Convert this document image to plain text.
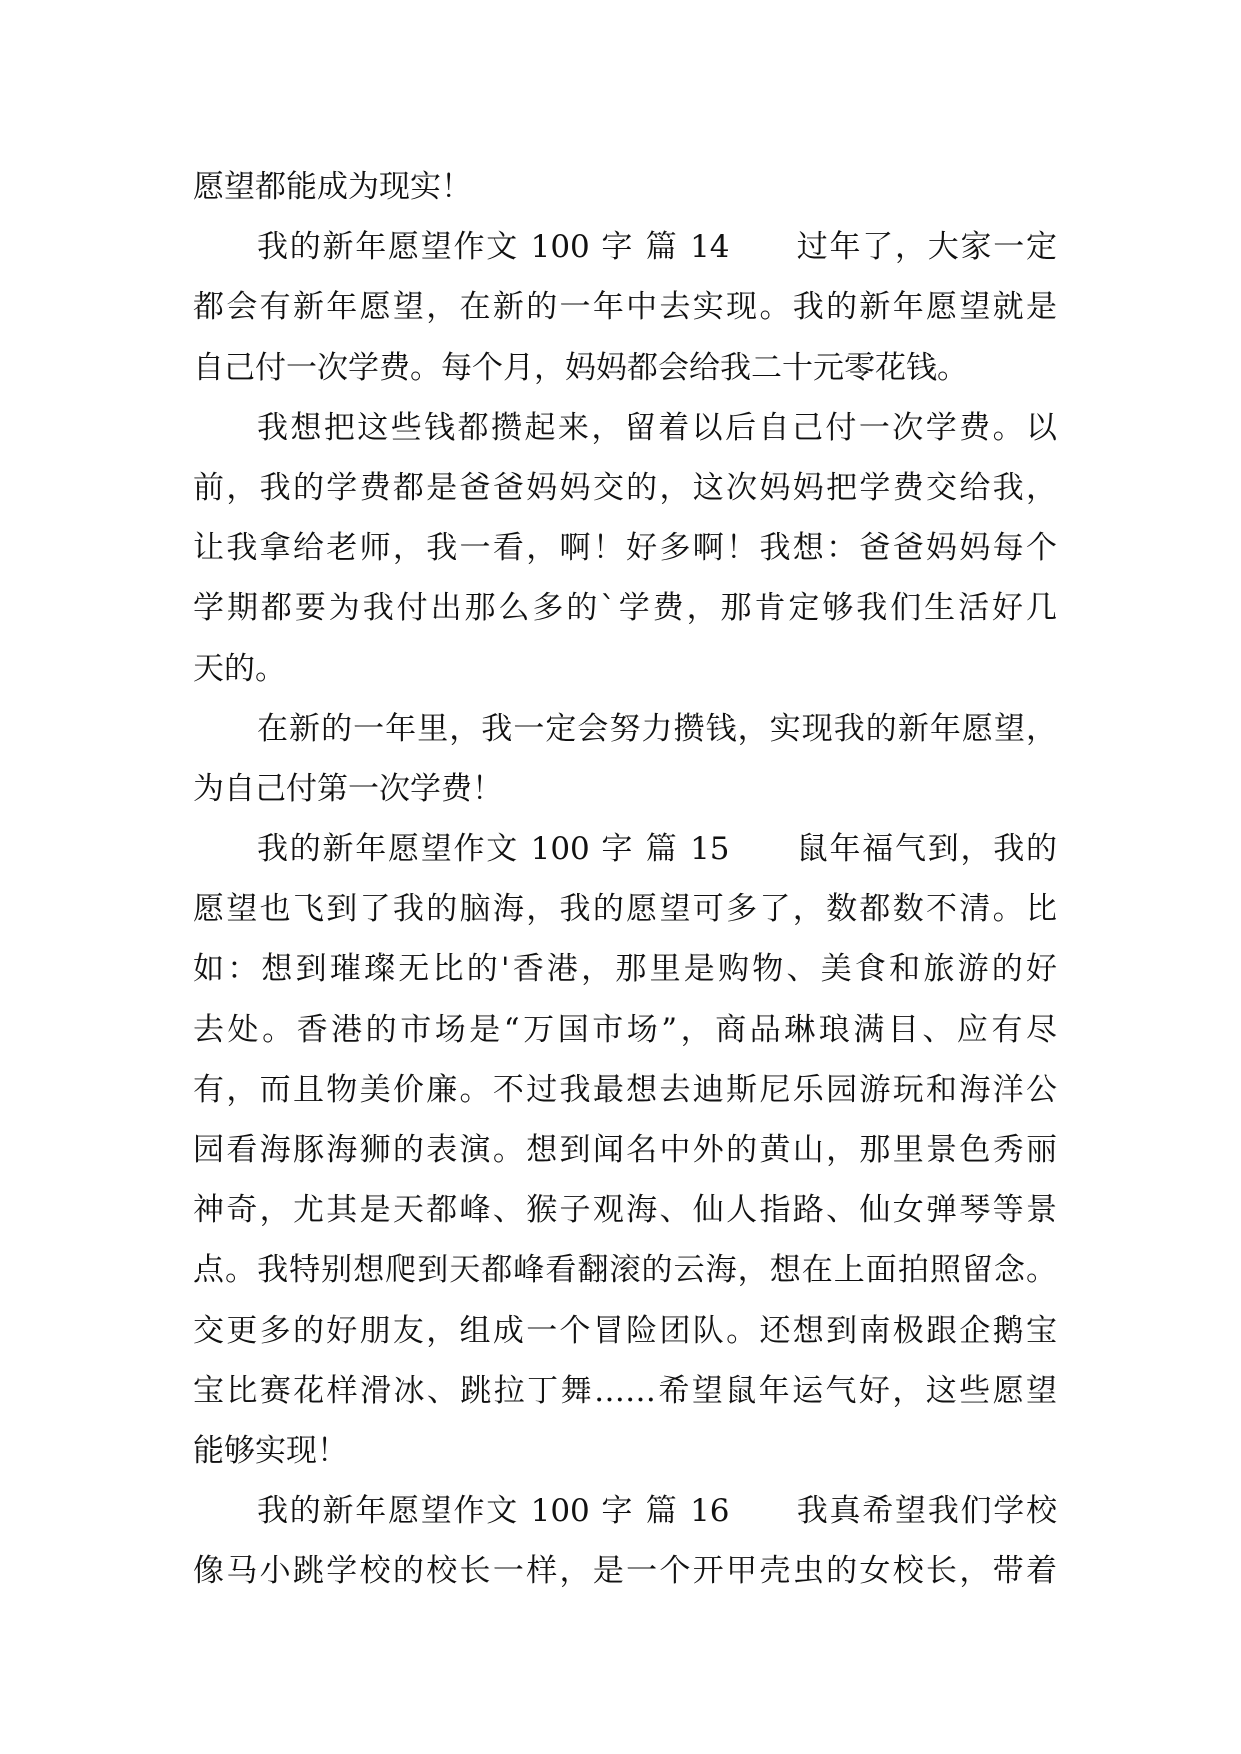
愿望都能成为现实！
我的新年愿望作文 100 字 篇 14　　过年了，大家一定
都会有新年愿望，在新的一年中去实现。我的新年愿望就是
自己付一次学费。每个月，妈妈都会给我二十元零花钱。
我想把这些钱都攒起来，留着以后自己付一次学费。以
前，我的学费都是爸爸妈妈交的，这次妈妈把学费交给我，
让我拿给老师，我一看，啊！好多啊！我想：爸爸妈妈每个
学期都要为我付出那么多的`学费，那肯定够我们生活好几
天的。
在新的一年里，我一定会努力攒钱，实现我的新年愿望，
为自己付第一次学费！
我的新年愿望作文 100 字 篇 15　　鼠年福气到，我的
愿望也飞到了我的脑海，我的愿望可多了，数都数不清。比
如：想到璀璨无比的'香港，那里是购物、美食和旅游的好
去处。香港的市场是“万国市场”，商品琳琅满目、应有尽
有，而且物美价廉。不过我最想去迪斯尼乐园游玩和海洋公
园看海豚海狮的表演。想到闻名中外的黄山，那里景色秀丽
神奇，尤其是天都峰、猴子观海、仙人指路、仙女弹琴等景
点。我特别想爬到天都峰看翻滚的云海，想在上面拍照留念。
交更多的好朋友，组成一个冒险团队。还想到南极跟企鹅宝
宝比赛花样滑冰、跳拉丁舞……希望鼠年运气好，这些愿望
能够实现！
我的新年愿望作文 100 字 篇 16　　我真希望我们学校
像马小跳学校的校长一样，是一个开甲壳虫的女校长，带着
